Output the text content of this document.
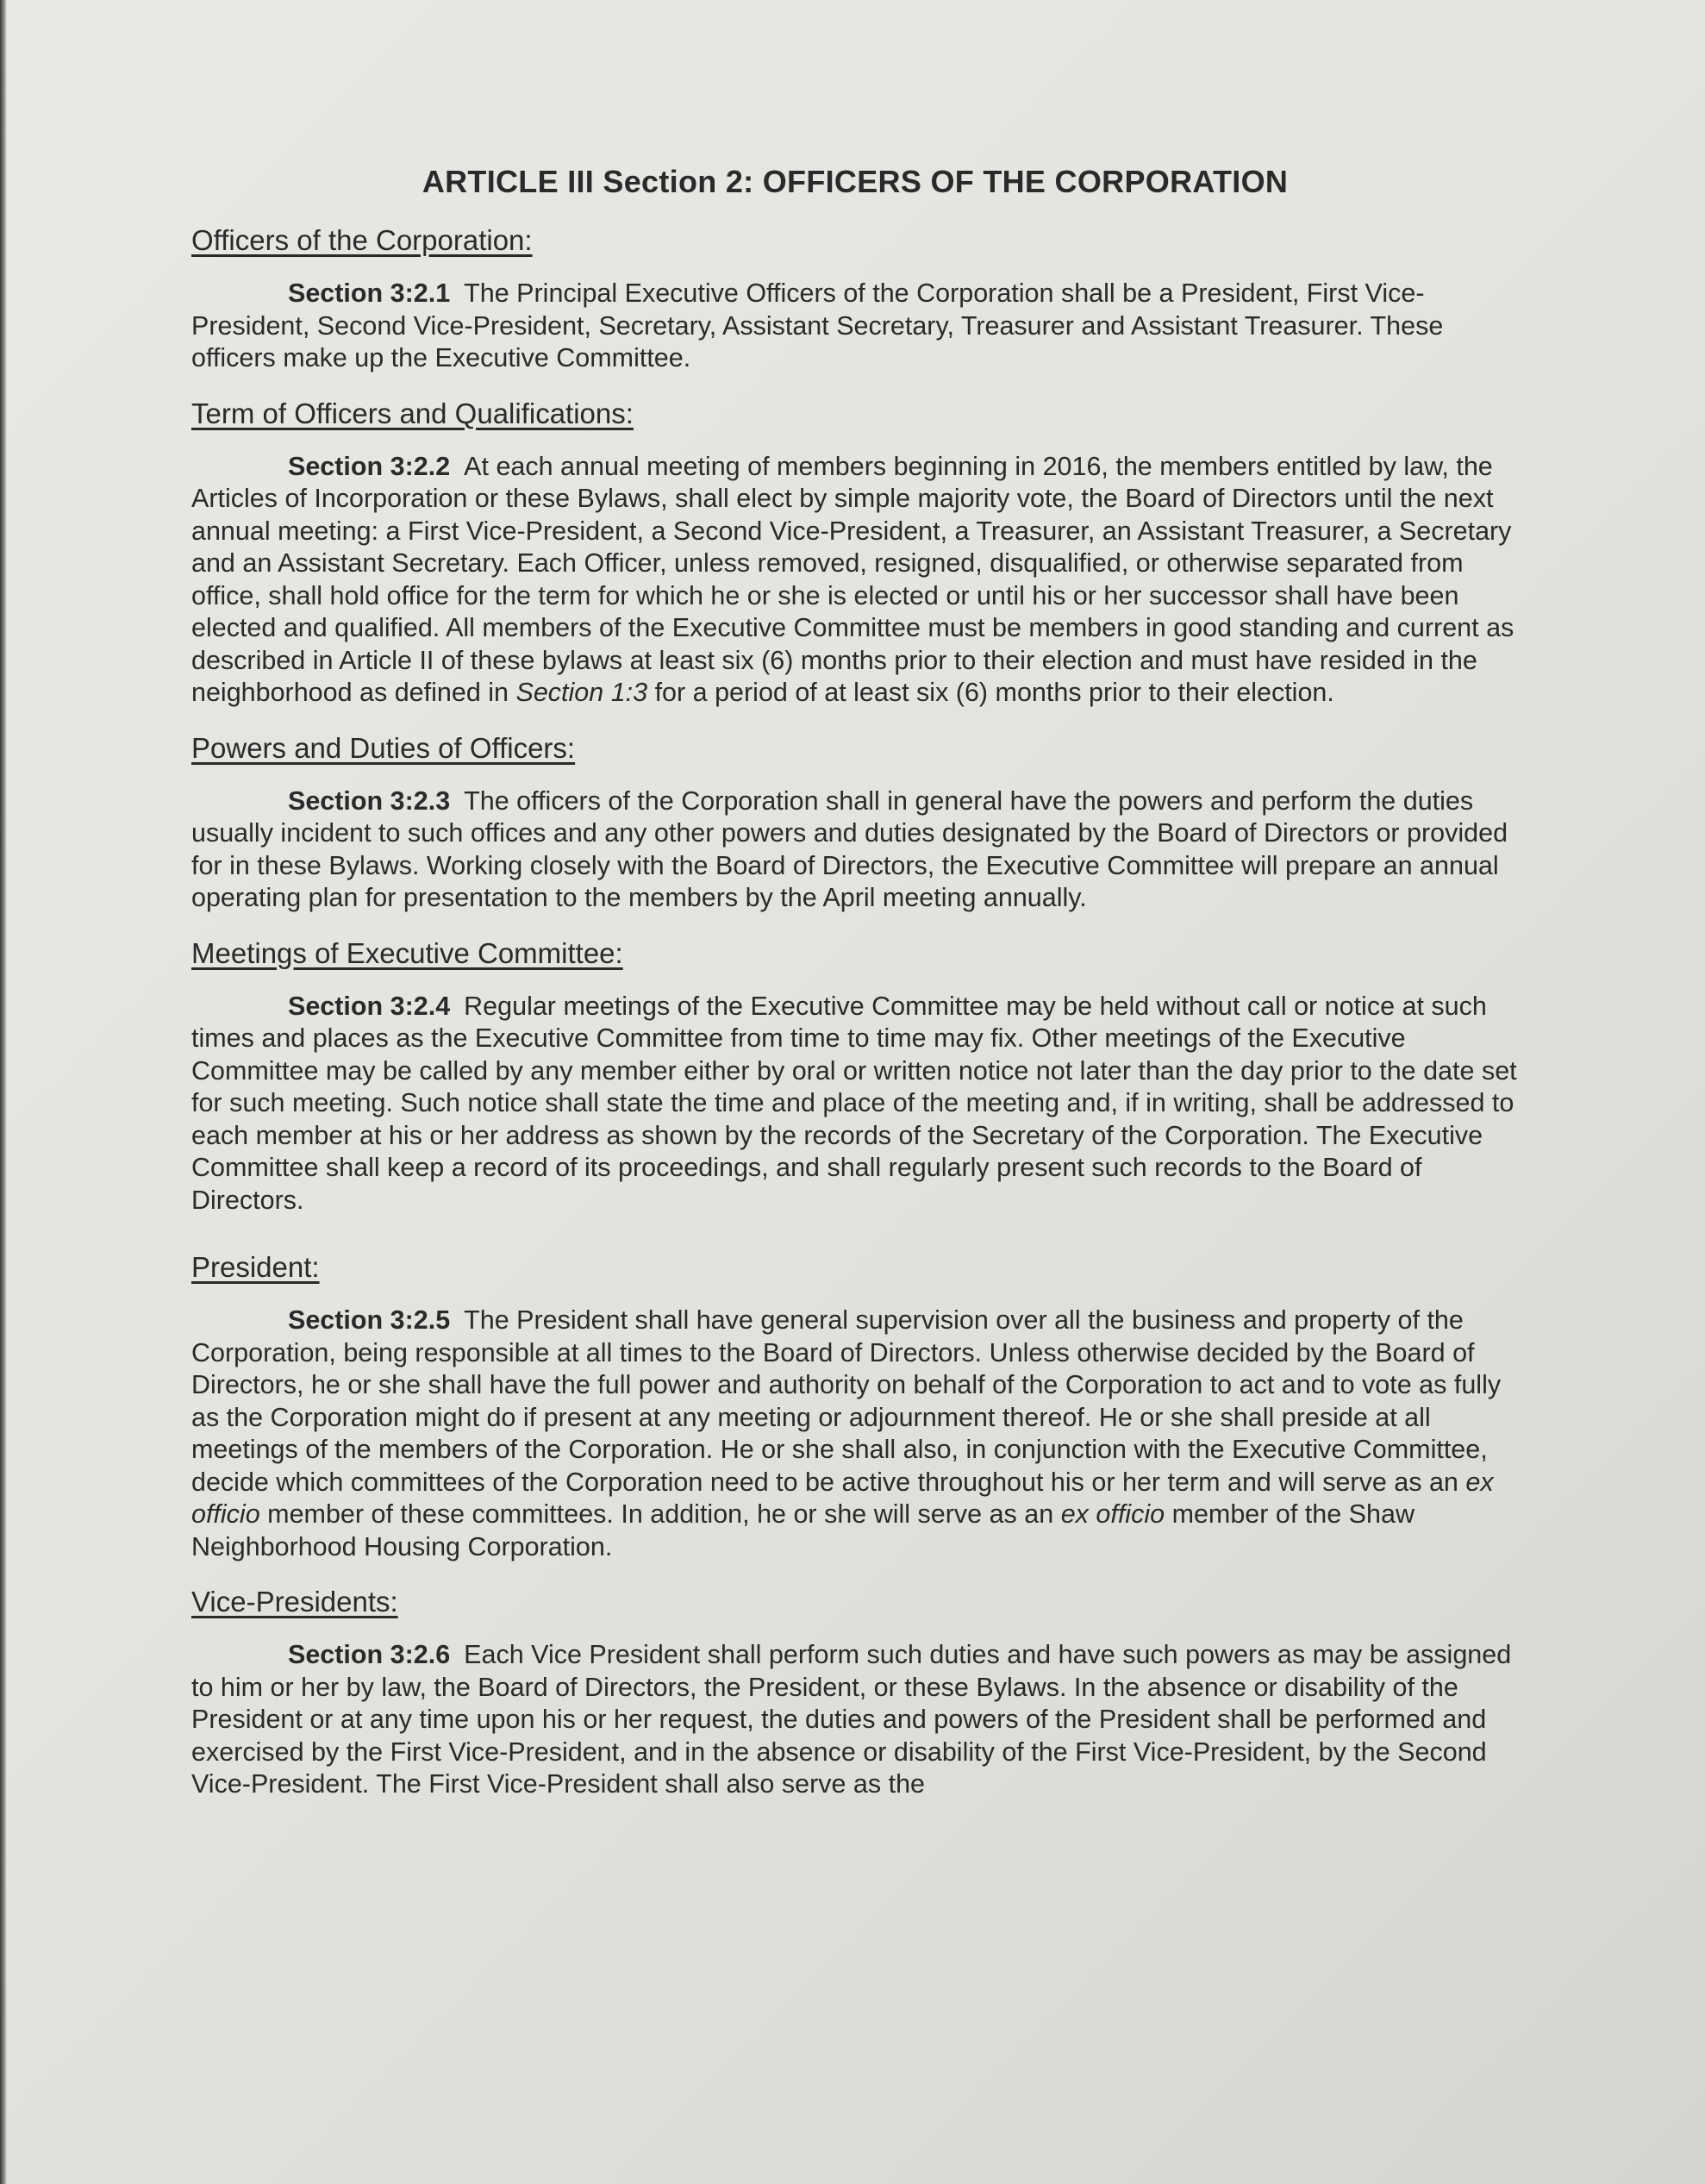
ARTICLE III Section 2: OFFICERS OF THE CORPORATION
Officers of the Corporation:
Section 3:2.1 The Principal Executive Officers of the Corporation shall be a President, First Vice-President, Second Vice-President, Secretary, Assistant Secretary, Treasurer and Assistant Treasurer. These officers make up the Executive Committee.
Term of Officers and Qualifications:
Section 3:2.2 At each annual meeting of members beginning in 2016, the members entitled by law, the Articles of Incorporation or these Bylaws, shall elect by simple majority vote, the Board of Directors until the next annual meeting: a First Vice-President, a Second Vice-President, a Treasurer, an Assistant Treasurer, a Secretary and an Assistant Secretary. Each Officer, unless removed, resigned, disqualified, or otherwise separated from office, shall hold office for the term for which he or she is elected or until his or her successor shall have been elected and qualified. All members of the Executive Committee must be members in good standing and current as described in Article II of these bylaws at least six (6) months prior to their election and must have resided in the neighborhood as defined in Section 1:3 for a period of at least six (6) months prior to their election.
Powers and Duties of Officers:
Section 3:2.3 The officers of the Corporation shall in general have the powers and perform the duties usually incident to such offices and any other powers and duties designated by the Board of Directors or provided for in these Bylaws. Working closely with the Board of Directors, the Executive Committee will prepare an annual operating plan for presentation to the members by the April meeting annually.
Meetings of Executive Committee:
Section 3:2.4 Regular meetings of the Executive Committee may be held without call or notice at such times and places as the Executive Committee from time to time may fix. Other meetings of the Executive Committee may be called by any member either by oral or written notice not later than the day prior to the date set for such meeting. Such notice shall state the time and place of the meeting and, if in writing, shall be addressed to each member at his or her address as shown by the records of the Secretary of the Corporation. The Executive Committee shall keep a record of its proceedings, and shall regularly present such records to the Board of Directors.
President:
Section 3:2.5 The President shall have general supervision over all the business and property of the Corporation, being responsible at all times to the Board of Directors. Unless otherwise decided by the Board of Directors, he or she shall have the full power and authority on behalf of the Corporation to act and to vote as fully as the Corporation might do if present at any meeting or adjournment thereof. He or she shall preside at all meetings of the members of the Corporation. He or she shall also, in conjunction with the Executive Committee, decide which committees of the Corporation need to be active throughout his or her term and will serve as an ex officio member of these committees. In addition, he or she will serve as an ex officio member of the Shaw Neighborhood Housing Corporation.
Vice-Presidents:
Section 3:2.6 Each Vice President shall perform such duties and have such powers as may be assigned to him or her by law, the Board of Directors, the President, or these Bylaws. In the absence or disability of the President or at any time upon his or her request, the duties and powers of the President shall be performed and exercised by the First Vice-President, and in the absence or disability of the First Vice-President, by the Second Vice-President. The First Vice-President shall also serve as the
